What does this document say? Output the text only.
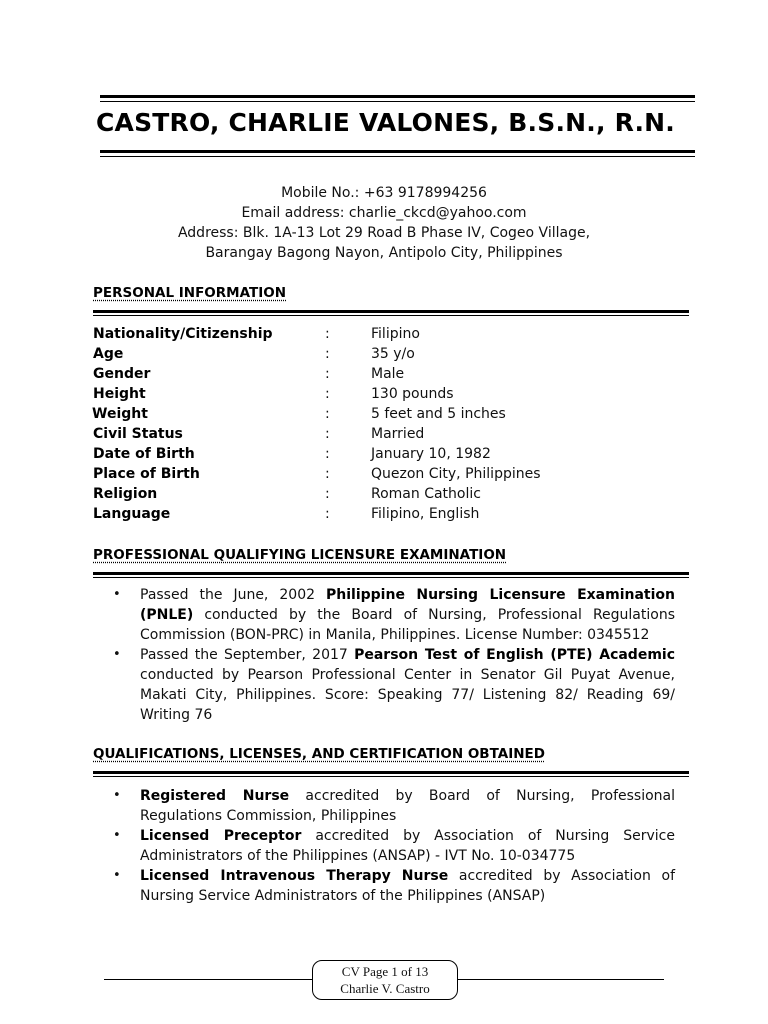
CASTRO, CHARLIE VALONES, B.S.N., R.N.
Mobile No.: +63 9178994256
Email address: charlie_ckcd@yahoo.com
Address: Blk. 1A-13 Lot 29 Road B Phase IV, Cogeo Village,
Barangay Bagong Nayon, Antipolo City, Philippines
PERSONAL INFORMATION
Nationality/Citizenship	:	Filipino
Age	:	35 y/o
Gender	:	Male
Height	:	130 pounds
Weight	:	5 feet and 5 inches
Civil Status	:	Married
Date of Birth	:	January 10, 1982
Place of Birth	:	Quezon City, Philippines
Religion	:	Roman Catholic
Language	:	Filipino, English
PROFESSIONAL QUALIFYING LICENSURE EXAMINATION
• Passed the June, 2002 Philippine Nursing Licensure Examination (PNLE) conducted by the Board of Nursing, Professional Regulations Commission (BON-PRC) in Manila, Philippines. License Number: 0345512
• Passed the September, 2017 Pearson Test of English (PTE) Academic conducted by Pearson Professional Center in Senator Gil Puyat Avenue, Makati City, Philippines. Score: Speaking 77/ Listening 82/ Reading 69/ Writing 76
QUALIFICATIONS, LICENSES, AND CERTIFICATION OBTAINED
• Registered Nurse accredited by Board of Nursing, Professional Regulations Commission, Philippines
• Licensed Preceptor accredited by Association of Nursing Service Administrators of the Philippines (ANSAP) - IVT No. 10-034775
• Licensed Intravenous Therapy Nurse accredited by Association of Nursing Service Administrators of the Philippines (ANSAP)
CV Page 1 of 13
Charlie V. Castro
